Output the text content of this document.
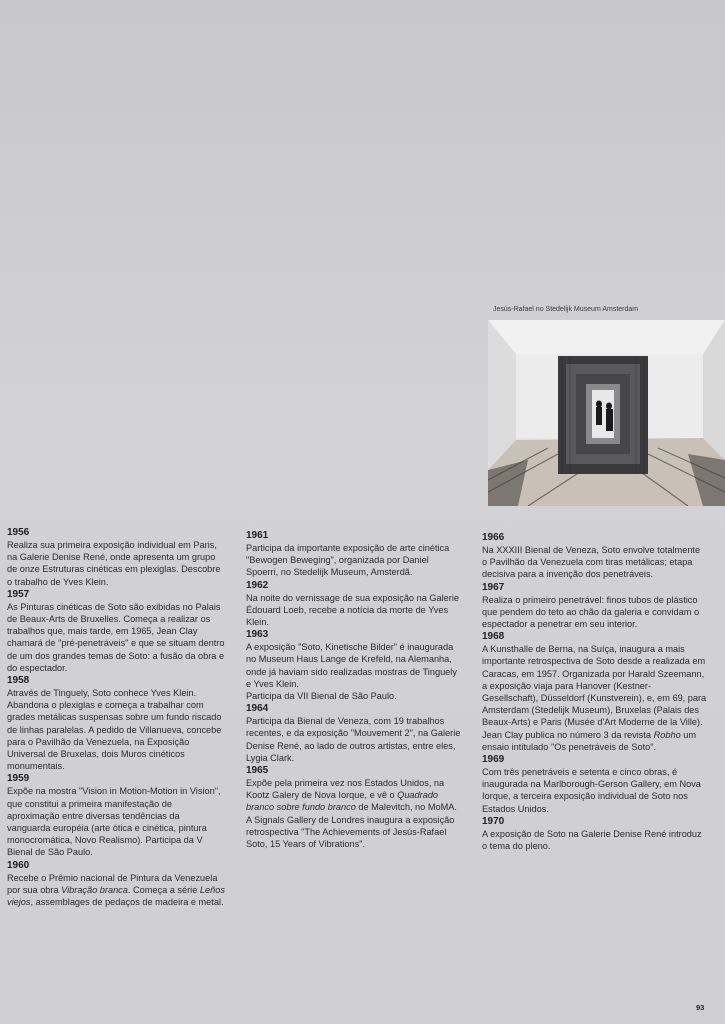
Jesús-Rafael no Stedelijk Museum Amsterdam
1956
Realiza sua primeira exposição individual em Paris, na Galerie Denise René, onde apresenta um grupo de onze Estruturas cinéticas em plexiglas. Descobre o trabalho de Yves Klein.
1957
As Pinturas cinéticas de Soto são exibidas no Palais de Beaux-Arts de Bruxelles. Começa a realizar os trabalhos que, mais tarde, em 1965, Jean Clay chamará de "pré-penetráveis" e que se situam dentro de um dos grandes temas de Soto: a fusão da obra e do espectador.
1958
Através de Tinguely, Soto conhece Yves Klein. Abandona o plexiglas e começa a trabalhar com grades metálicas suspensas sobre um fundo riscado de linhas paralelas. A pedido de Villanueva, concebe para o Pavilhão da Venezuela, na Exposição Universal de Bruxelas, dois Muros cinéticos monumentais.
1959
Expõe na mostra "Vision in Motion-Motion in Vision", que constitui a primeira manifestação de aproximação entre diversas tendências da vanguarda européia (arte ótica e cinética, pintura monocromática, Novo Realismo). Participa da V Bienal de São Paulo.
1960
Recebe o Prêmio nacional de Pintura da Venezuela por sua obra Vibração branca. Começa a série Leños viejos, assemblages de pedaços de madeira e metal.
1961
Participa da importante exposição de arte cinética "Bewogen Beweging", organizada por Daniel Spoerri, no Stedelijk Museum, Amsterdã.
1962
Na noite do vernissage de sua exposição na Galerie Édouard Loeb, recebe a notícia da morte de Yves Klein.
1963
A exposição "Soto, Kinetische Bilder" é inaugurada no Museum Haus Lange de Krefeld, na Alemanha, onde já haviam sido realizadas mostras de Tinguely e Yves Klein.
Participa da VII Bienal de São Paulo.
1964
Participa da Bienal de Veneza, com 19 trabalhos recentes, e da exposição "Mouvement 2", na Galerie Denise René, ao lado de outros artistas, entre eles, Lygia Clark.
1965
Expõe pela primeira vez nos Estados Unidos, na Kootz Galery de Nova Iorque, e vê o Quadrado branco sobre fundo branco de Malevitch, no MoMA.
A Signals Gallery de Londres inaugura a exposição retrospectiva "The Achievements of Jesús-Rafael Soto, 15 Years of Vibrations".
1966
Na XXXIII Bienal de Veneza, Soto envolve totalmente o Pavilhão da Venezuela com tiras metálicas; etapa decisiva para a invenção dos penetráveis.
1967
Realiza o primeiro penetrável: finos tubos de plástico que pendem do teto ao chão da galeria e convidam o espectador a penetrar em seu interior.
1968
A Kunsthalle de Berna, na Suíça, inaugura a mais importante retrospectiva de Soto desde a realizada em Caracas, em 1957. Organizada por Harald Szeemann, a exposição viaja para Hanover (Kestner-Gesellschaft), Düsseldorf (Kunstverein), e, em 69, para Amsterdam (Stedelijk Museum), Bruxelas (Palais des Beaux-Arts) e Paris (Musée d'Art Moderne de la Ville).
Jean Clay publica no número 3 da revista Robho um ensaio intitulado "Os penetráveis de Soto".
1969
Com três penetráveis e setenta e cinco obras, é inaugurada na Marlborough-Gerson Gallery, em Nova Iorque, a terceira exposição individual de Soto nos Estados Unidos.
1970
A exposição de Soto na Galerie Denise René introduz o tema do pleno.
93
